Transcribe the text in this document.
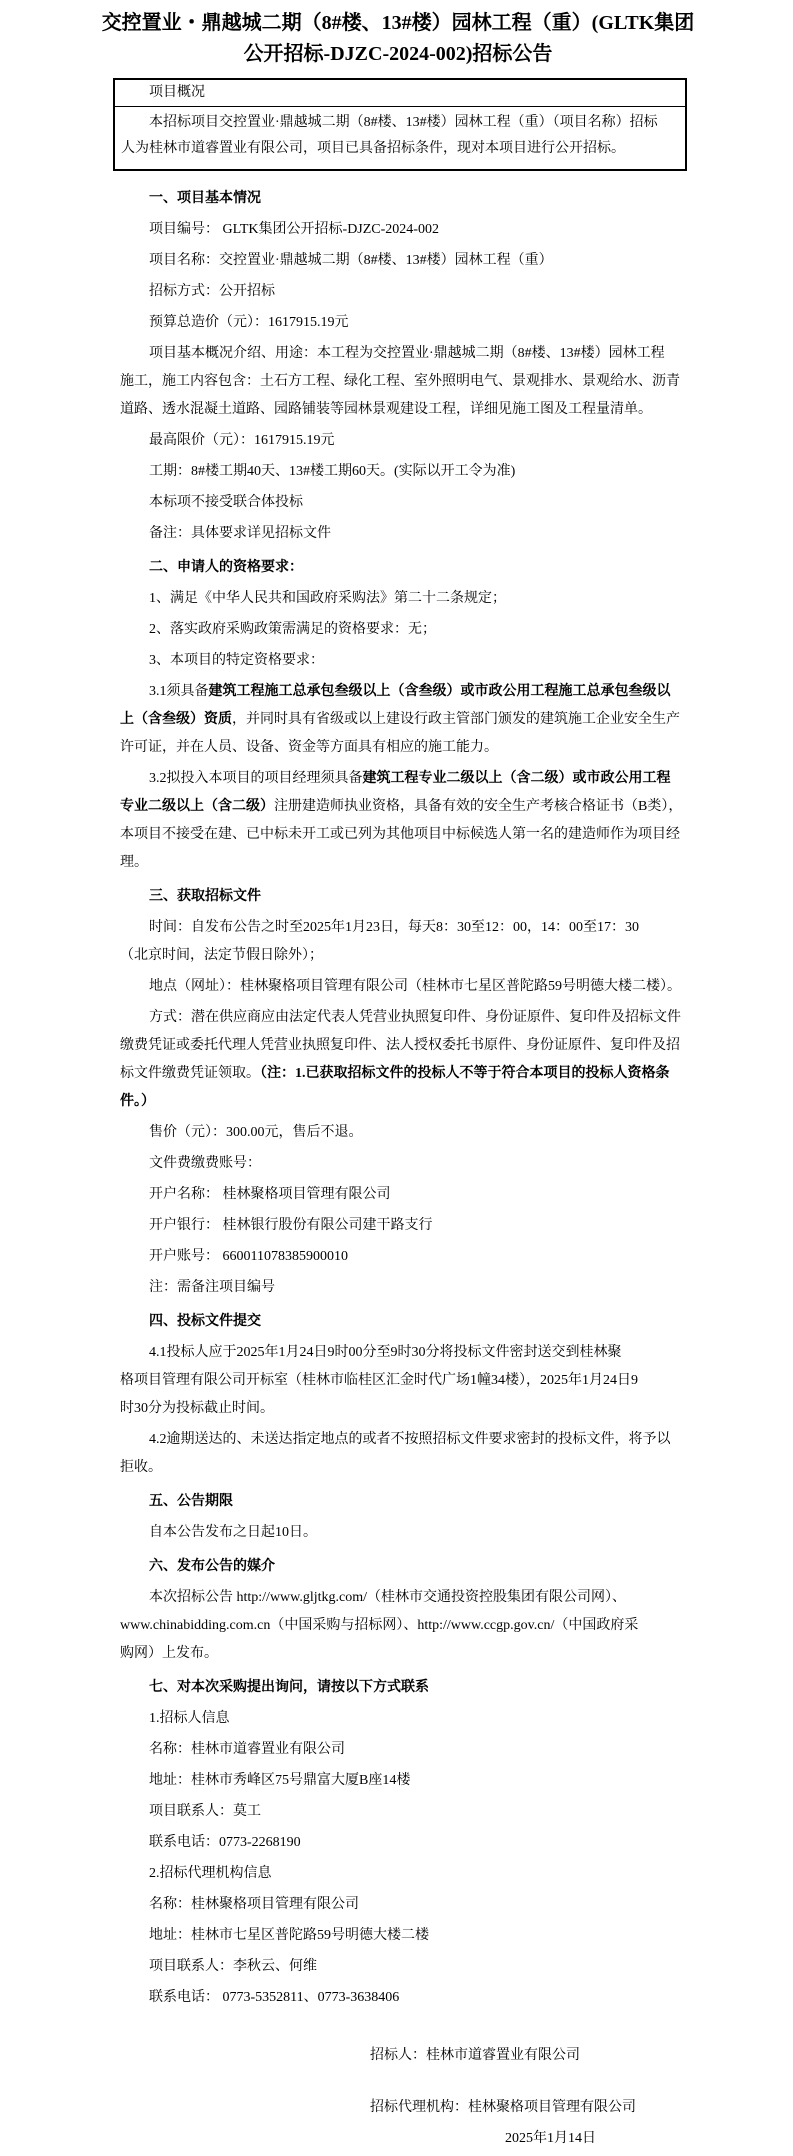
交控置业・鼎越城二期（8#楼、13#楼）园林工程（重）(GLTK集团
公开招标-DJZC-2024-002)招标公告
项目概况
本招标项目交控置业·鼎越城二期（8#楼、13#楼）园林工程（重）（项目名称）招标
人为桂林市道睿置业有限公司，项目已具备招标条件，现对本项目进行公开招标。
一、项目基本情况
项目编号： GLTK集团公开招标-DJZC-2024-002
项目名称：交控置业·鼎越城二期（8#楼、13#楼）园林工程（重）
招标方式：公开招标
预算总造价（元）：1617915.19元
项目基本概况介绍、用途：本工程为交控置业·鼎越城二期（8#楼、13#楼）园林工程
施工，施工内容包含：土石方工程、绿化工程、室外照明电气、景观排水、景观给水、沥青
道路、透水混凝土道路、园路铺装等园林景观建设工程，详细见施工图及工程量清单。
最高限价（元）：1617915.19元
工期：8#楼工期40天、13#楼工期60天。(实际以开工令为准)
本标项不接受联合体投标
备注：具体要求详见招标文件
二、申请人的资格要求：
1、满足《中华人民共和国政府采购法》第二十二条规定；
2、落实政府采购政策需满足的资格要求：无；
3、本项目的特定资格要求：
3.1须具备建筑工程施工总承包叁级以上（含叁级）或市政公用工程施工总承包叁级以
上（含叁级）资质，并同时具有省级或以上建设行政主管部门颁发的建筑施工企业安全生产
许可证，并在人员、设备、资金等方面具有相应的施工能力。
3.2拟投入本项目的项目经理须具备建筑工程专业二级以上（含二级）或市政公用工程
专业二级以上（含二级）注册建造师执业资格，具备有效的安全生产考核合格证书（B类），
本项目不接受在建、已中标未开工或已列为其他项目中标候选人第一名的建造师作为项目经
理。
三、获取招标文件
时间：自发布公告之时至2025年1月23日，每天8：30至12：00，14：00至17：30
（北京时间，法定节假日除外）；
地点（网址）：桂林聚格项目管理有限公司（桂林市七星区普陀路59号明德大楼二楼）。
方式：潜在供应商应由法定代表人凭营业执照复印件、身份证原件、复印件及招标文件
缴费凭证或委托代理人凭营业执照复印件、法人授权委托书原件、身份证原件、复印件及招
标文件缴费凭证领取。（注：1.已获取招标文件的投标人不等于符合本项目的投标人资格条
件。）
售价（元）：300.00元，售后不退。
文件费缴费账号：
开户名称： 桂林聚格项目管理有限公司
开户银行： 桂林银行股份有限公司建干路支行
开户账号： 660011078385900010
注：需备注项目编号
四、投标文件提交
4.1投标人应于2025年1月24日9时00分至9时30分将投标文件密封送交到桂林聚
格项目管理有限公司开标室（桂林市临桂区汇金时代广场1幢34楼），2025年1月24日9
时30分为投标截止时间。
4.2逾期送达的、未送达指定地点的或者不按照招标文件要求密封的投标文件，将予以
拒收。
五、公告期限
自本公告发布之日起10日。
六、发布公告的媒介
本次招标公告 http://www.gljtkg.com/（桂林市交通投资控股集团有限公司网）、
www.chinabidding.com.cn（中国采购与招标网）、http://www.ccgp.gov.cn/（中国政府采
购网）上发布。
七、对本次采购提出询问，请按以下方式联系
1.招标人信息
名称：桂林市道睿置业有限公司
地址：桂林市秀峰区75号鼎富大厦B座14楼
项目联系人：莫工
联系电话：0773-2268190
2.招标代理机构信息
名称：桂林聚格项目管理有限公司
地址：桂林市七星区普陀路59号明德大楼二楼
项目联系人：李秋云、何维
联系电话： 0773-5352811、0773-3638406
招标人：桂林市道睿置业有限公司
招标代理机构：桂林聚格项目管理有限公司
2025年1月14日
